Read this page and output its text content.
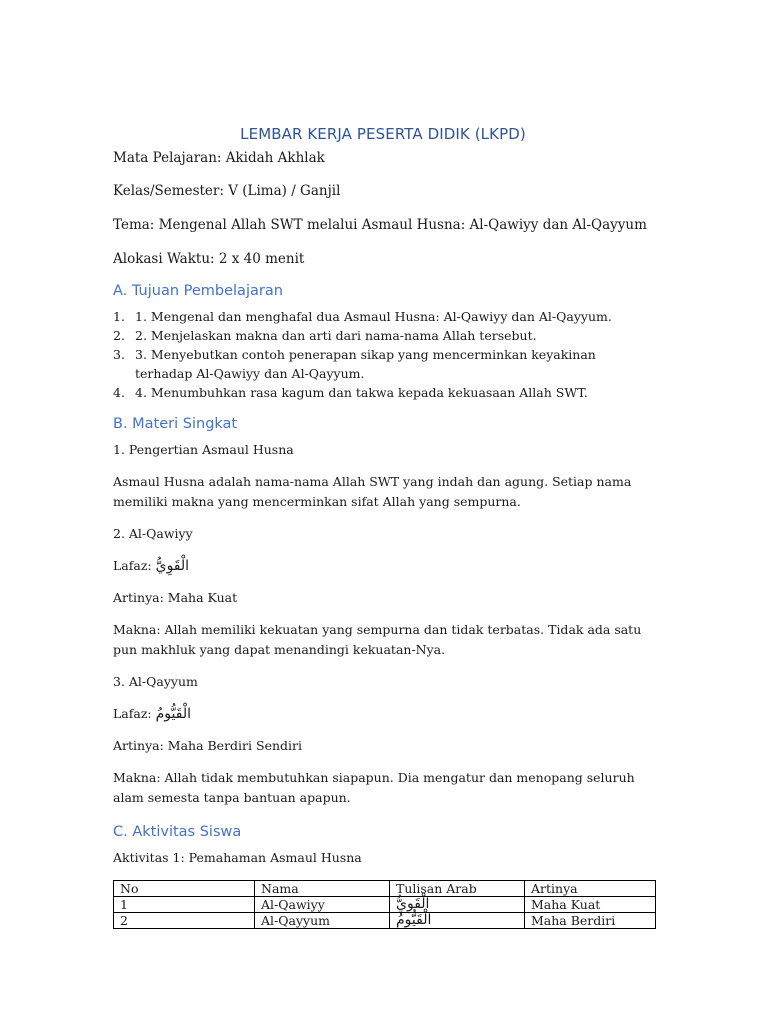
LEMBAR KERJA PESERTA DIDIK (LKPD)
Mata Pelajaran: Akidah Akhlak
Kelas/Semester: V (Lima) / Ganjil
Tema: Mengenal Allah SWT melalui Asmaul Husna: Al-Qawiyy dan Al-Qayyum
Alokasi Waktu: 2 x 40 menit
A. Tujuan Pembelajaran
1. 1. Mengenal dan menghafal dua Asmaul Husna: Al-Qawiyy dan Al-Qayyum.
2. 2. Menjelaskan makna dan arti dari nama-nama Allah tersebut.
3. 3. Menyebutkan contoh penerapan sikap yang mencerminkan keyakinan terhadap Al-Qawiyy dan Al-Qayyum.
4. 4. Menumbuhkan rasa kagum dan takwa kepada kekuasaan Allah SWT.
B. Materi Singkat
1. Pengertian Asmaul Husna
Asmaul Husna adalah nama-nama Allah SWT yang indah dan agung. Setiap nama memiliki makna yang mencerminkan sifat Allah yang sempurna.
2. Al-Qawiyy
Lafaz: الْقَوِيُّ
Artinya: Maha Kuat
Makna: Allah memiliki kekuatan yang sempurna dan tidak terbatas. Tidak ada satu pun makhluk yang dapat menandingi kekuatan-Nya.
3. Al-Qayyum
Lafaz: الْقَيُّومُ
Artinya: Maha Berdiri Sendiri
Makna: Allah tidak membutuhkan siapapun. Dia mengatur dan menopang seluruh alam semesta tanpa bantuan apapun.
C. Aktivitas Siswa
Aktivitas 1: Pemahaman Asmaul Husna
No	Nama	Tulisan Arab	Artinya
1	Al-Qawiyy	الْقَوِيُّ	Maha Kuat
2	Al-Qayyum	الْقَيُّومُ	Maha Berdiri
